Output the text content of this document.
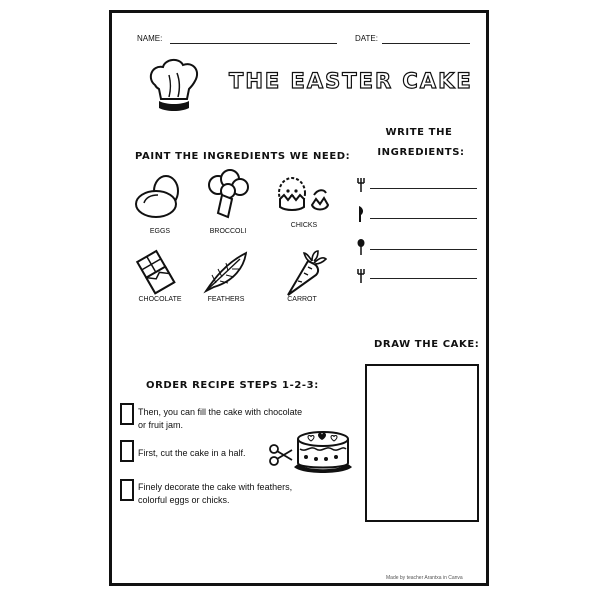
NAME:	DATE:
THE EASTER CAKE
PAINT THE INGREDIENTS WE NEED:
EGGS	BROCCOLI
CHICKS
CHOCOLATE	FEATHERS	CARROT
WRITE THE
INGREDIENTS:
DRAW THE CAKE:
ORDER RECIPE STEPS 1-2-3:
Then, you can fill the cake with chocolate
or fruit jam.
First, cut the cake in a half.
Finely decorate the cake with feathers,
colorful eggs or chicks.
Made by teacher Arantxa in Canva
